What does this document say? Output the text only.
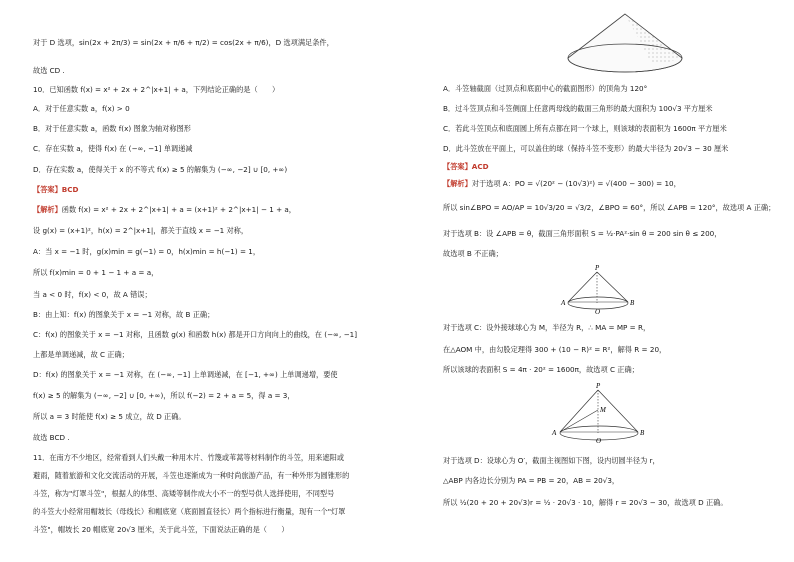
对于 D 选项，sin(2x + 2π/3) = sin(2x + π/6 + π/2) = cos(2x + π/6)，D 选项满足条件，
故选 CD .
10．已知函数 f(x) = x² + 2x + 2^|x+1| + a，下列结论正确的是（　　）
A．对于任意实数 a，f(x) > 0
B．对于任意实数 a，函数 f(x) 图象为轴对称图形
C．存在实数 a，使得 f(x) 在 (−∞, −1] 单调递减
D．存在实数 a，使得关于 x 的不等式 f(x) ≥ 5 的解集为 (−∞, −2] ∪ [0, +∞)
【答案】BCD
【解析】函数 f(x) = x² + 2x + 2^|x+1| + a = (x+1)² + 2^|x+1| − 1 + a，
设 g(x) = (x+1)²，h(x) = 2^|x+1|，都关于直线 x = −1 对称，
A：当 x = −1 时，g(x)min = g(−1) = 0，h(x)min = h(−1) = 1，
所以 f(x)min = 0 + 1 − 1 + a = a，
当 a < 0 时，f(x) < 0，故 A 错误；
B：由上知：f(x) 的图象关于 x = −1 对称，故 B 正确；
C：f(x) 的图象关于 x = −1 对称，且函数 g(x) 和函数 h(x) 都是开口方向向上的曲线，在 (−∞, −1]
上都是单调递减，故 C 正确；
D：f(x) 的图象关于 x = −1 对称，在 (−∞, −1] 上单调递减，在 [−1, +∞) 上单调递增，要使
f(x) ≥ 5 的解集为 (−∞, −2] ∪ [0, +∞)，所以 f(−2) = 2 + a = 5，得 a = 3，
所以 a = 3 时能使 f(x) ≥ 5 成立，故 D 正确。
故选 BCD .
11．在南方不少地区，经常看到人们头戴一种用木片、竹篾或苇蒿等材料制作的斗笠，用来遮阳或
避雨，随着旅游和文化交流活动的开展，斗笠也逐渐成为一种时尚旅游产品，有一种外形为圆锥形的
斗笠，称为"灯罩斗笠"，根据人的体型、高矮等制作成大小不一的型号供人选择使用，不同型号
的斗笠大小经常用帽坡长（母线长）和帽底宽（底面圆直径长）两个指标进行衡量，现有一个"灯罩
斗笠"，帽坡长 20 帽底宽 20√3 厘米，关于此斗笠，下面说法正确的是（　　）
A．斗笠轴截面（过顶点和底面中心的截面图形）的顶角为 120°
B．过斗笠顶点和斗笠侧面上任意两母线的截面三角形的最大面积为 100√3 平方厘米
C．若此斗笠顶点和底面圆上所有点都在同一个球上，则该球的表面积为 1600π 平方厘米
D．此斗笠放在平面上，可以盖住的球（保持斗笠不变形）的最大半径为 20√3 − 30 厘米
【答案】ACD
【解析】对于选项 A：PO = √(20² − (10√3)²) = √(400 − 300) = 10，
所以 sin∠BPO = AO/AP = 10√3/20 = √3/2，∠BPO = 60°，所以 ∠APB = 120°，故选项 A 正确；
对于选项 B：设 ∠APB = θ，截面三角形面积 S = ½·PA²·sin θ = 200 sin θ ≤ 200，
故选项 B 不正确；
P
A
O
B
对于选项 C：设外接球球心为 M，半径为 R，∴ MA = MP = R，
在△AOM 中，由勾股定理得 300 + (10 − R)² = R²，解得 R = 20，
所以该球的表面积 S = 4π · 20² = 1600π，故选项 C 正确；
P
M
A
O
B
对于选项 D：设球心为 O′，截面主视图如下图，设内切圆半径为 r，
△ABP 内各边长分别为 PA = PB = 20，AB = 20√3，
所以 ½(20 + 20 + 20√3)r = ½ · 20√3 · 10，解得 r = 20√3 − 30，故选项 D 正确。
